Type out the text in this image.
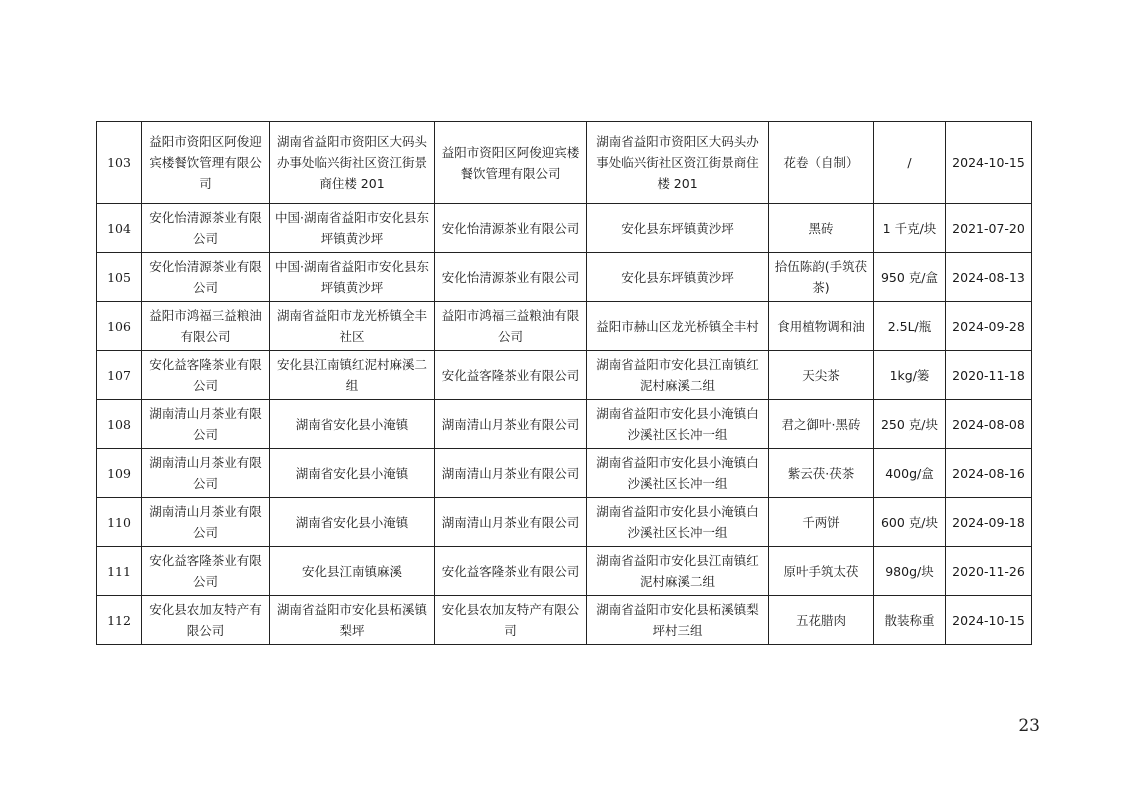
103	益阳市资阳区阿俊迎宾楼餐饮管理有限公司	湖南省益阳市资阳区大码头办事处临兴街社区资江街景商住楼 201	益阳市资阳区阿俊迎宾楼餐饮管理有限公司	湖南省益阳市资阳区大码头办事处临兴街社区资江街景商住楼 201	花卷（自制）	/	2024-10-15
104	安化怡清源茶业有限公司	中国·湖南省益阳市安化县东坪镇黄沙坪	安化怡清源茶业有限公司	安化县东坪镇黄沙坪	黑砖	1 千克/块	2021-07-20
105	安化怡清源茶业有限公司	中国·湖南省益阳市安化县东坪镇黄沙坪	安化怡清源茶业有限公司	安化县东坪镇黄沙坪	拾伍陈韵(手筑茯茶)	950 克/盒	2024-08-13
106	益阳市鸿福三益粮油有限公司	湖南省益阳市龙光桥镇全丰社区	益阳市鸿福三益粮油有限公司	益阳市赫山区龙光桥镇全丰村	食用植物调和油	2.5L/瓶	2024-09-28
107	安化益客隆茶业有限公司	安化县江南镇红泥村麻溪二组	安化益客隆茶业有限公司	湖南省益阳市安化县江南镇红泥村麻溪二组	天尖茶	1kg/篓	2020-11-18
108	湖南清山月茶业有限公司	湖南省安化县小淹镇	湖南清山月茶业有限公司	湖南省益阳市安化县小淹镇白沙溪社区长冲一组	君之御叶·黑砖	250 克/块	2024-08-08
109	湖南清山月茶业有限公司	湖南省安化县小淹镇	湖南清山月茶业有限公司	湖南省益阳市安化县小淹镇白沙溪社区长冲一组	紫云茯·茯茶	400g/盒	2024-08-16
110	湖南清山月茶业有限公司	湖南省安化县小淹镇	湖南清山月茶业有限公司	湖南省益阳市安化县小淹镇白沙溪社区长冲一组	千两饼	600 克/块	2024-09-18
111	安化益客隆茶业有限公司	安化县江南镇麻溪	安化益客隆茶业有限公司	湖南省益阳市安化县江南镇红泥村麻溪二组	原叶手筑太茯	980g/块	2020-11-26
112	安化县农加友特产有限公司	湖南省益阳市安化县柘溪镇梨坪	安化县农加友特产有限公司	湖南省益阳市安化县柘溪镇梨坪村三组	五花腊肉	散装称重	2024-10-15
23
